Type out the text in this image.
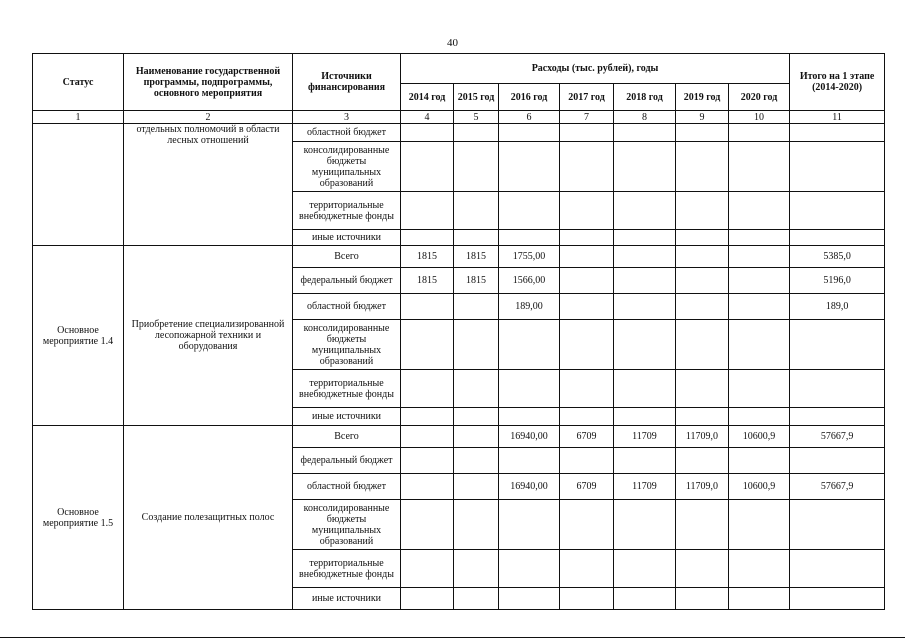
40
Статус	Наименование государственной программы, подпрограммы, основного мероприятия	Источники финансирования	Расходы (тыс. рублей), годы							Итого на 1 этапе (2014-2020)
			2014 год	2015 год	2016 год	2017 год	2018 год	2019 год	2020 год	
1	2	3	4	5	6	7	8	9	10	11
	отдельных полномочий в области лесных отношений	областной бюджет								
		консолидированные бюджеты муниципальных образований								
		территориальные внебюджетные фонды								
		иные источники								
Основное мероприятие 1.4	Приобретение специализированной лесопожарной техники и оборудования	Всего	1815	1815	1755,00					5385,0
		федеральный бюджет	1815	1815	1566,00					5196,0
		областной бюджет			189,00					189,0
		консолидированные бюджеты муниципальных образований								
		территориальные внебюджетные фонды								
		иные источники								
Основное мероприятие 1.5	Создание полезащитных полос	Всего			16940,00	6709	11709	11709,0	10600,9	57667,9
		федеральный бюджет								
		областной бюджет			16940,00	6709	11709	11709,0	10600,9	57667,9
		консолидированные бюджеты муниципальных образований								
		территориальные внебюджетные фонды								
		иные источники								
